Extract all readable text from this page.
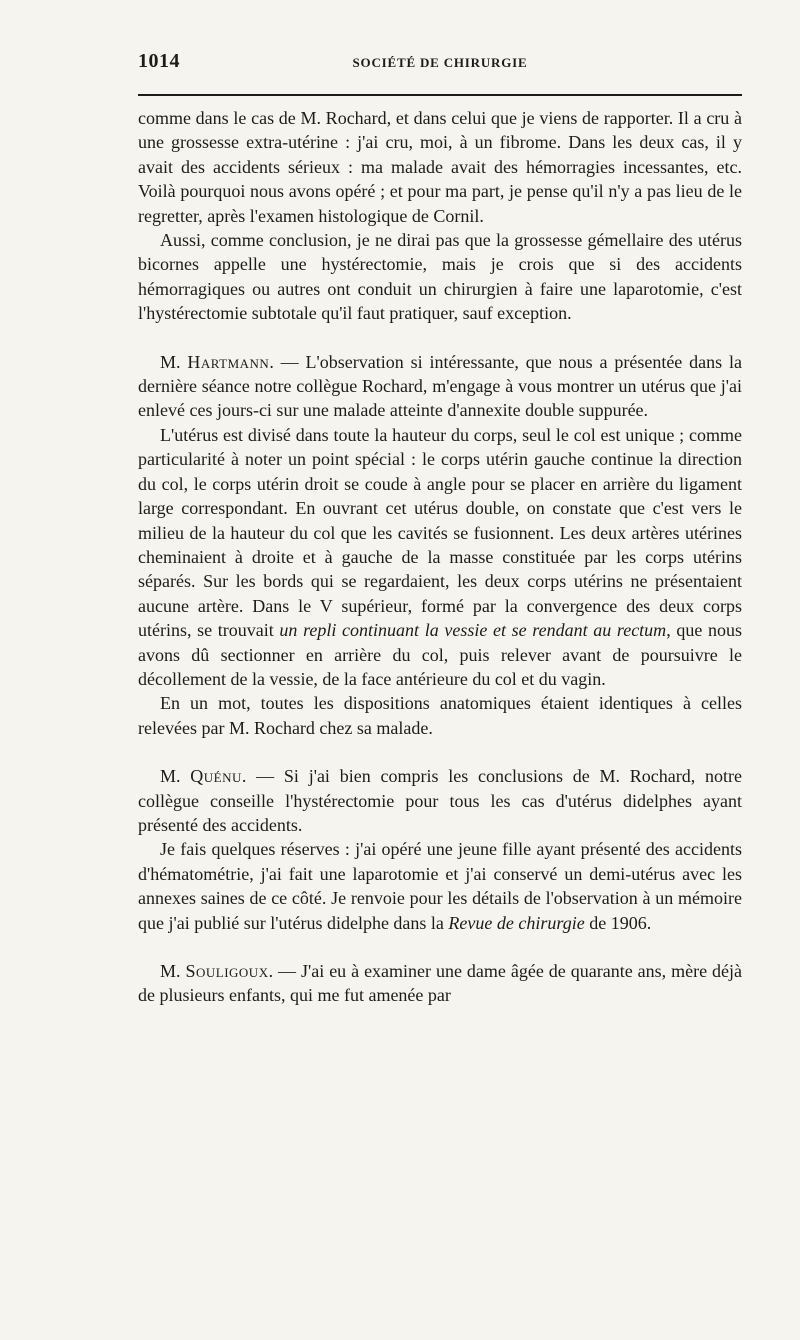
1014	SOCIÉTÉ DE CHIRURGIE

comme dans le cas de M. Rochard, et dans celui que je viens de rapporter. Il a cru à une grossesse extra-utérine : j'ai cru, moi, à un fibrome. Dans les deux cas, il y avait des accidents sérieux : ma malade avait des hémorragies incessantes, etc. Voilà pourquoi nous avons opéré ; et pour ma part, je pense qu'il n'y a pas lieu de le regretter, après l'examen histologique de Cornil.

Aussi, comme conclusion, je ne dirai pas que la grossesse gémellaire des utérus bicornes appelle une hystérectomie, mais je crois que si des accidents hémorragiques ou autres ont conduit un chirurgien à faire une laparotomie, c'est l'hystérectomie subtotale qu'il faut pratiquer, sauf exception.

M. Hartmann. — L'observation si intéressante, que nous a présentée dans la dernière séance notre collègue Rochard, m'engage à vous montrer un utérus que j'ai enlevé ces jours-ci sur une malade atteinte d'annexite double suppurée.

L'utérus est divisé dans toute la hauteur du corps, seul le col est unique ; comme particularité à noter un point spécial : le corps utérin gauche continue la direction du col, le corps utérin droit se coude à angle pour se placer en arrière du ligament large correspondant. En ouvrant cet utérus double, on constate que c'est vers le milieu de la hauteur du col que les cavités se fusionnent. Les deux artères utérines cheminaient à droite et à gauche de la masse constituée par les corps utérins séparés. Sur les bords qui se regardaient, les deux corps utérins ne présentaient aucune artère. Dans le V supérieur, formé par la convergence des deux corps utérins, se trouvait un repli continuant la vessie et se rendant au rectum, que nous avons dû sectionner en arrière du col, puis relever avant de poursuivre le décollement de la vessie, de la face antérieure du col et du vagin.

En un mot, toutes les dispositions anatomiques étaient identiques à celles relevées par M. Rochard chez sa malade.

M. Quénu. — Si j'ai bien compris les conclusions de M. Rochard, notre collègue conseille l'hystérectomie pour tous les cas d'utérus didelphes ayant présenté des accidents.

Je fais quelques réserves : j'ai opéré une jeune fille ayant présenté des accidents d'hématométrie, j'ai fait une laparotomie et j'ai conservé un demi-utérus avec les annexes saines de ce côté. Je renvoie pour les détails de l'observation à un mémoire que j'ai publié sur l'utérus didelphe dans la Revue de chirurgie de 1906.

M. Souligoux. — J'ai eu à examiner une dame âgée de quarante ans, mère déjà de plusieurs enfants, qui me fut amenée par
